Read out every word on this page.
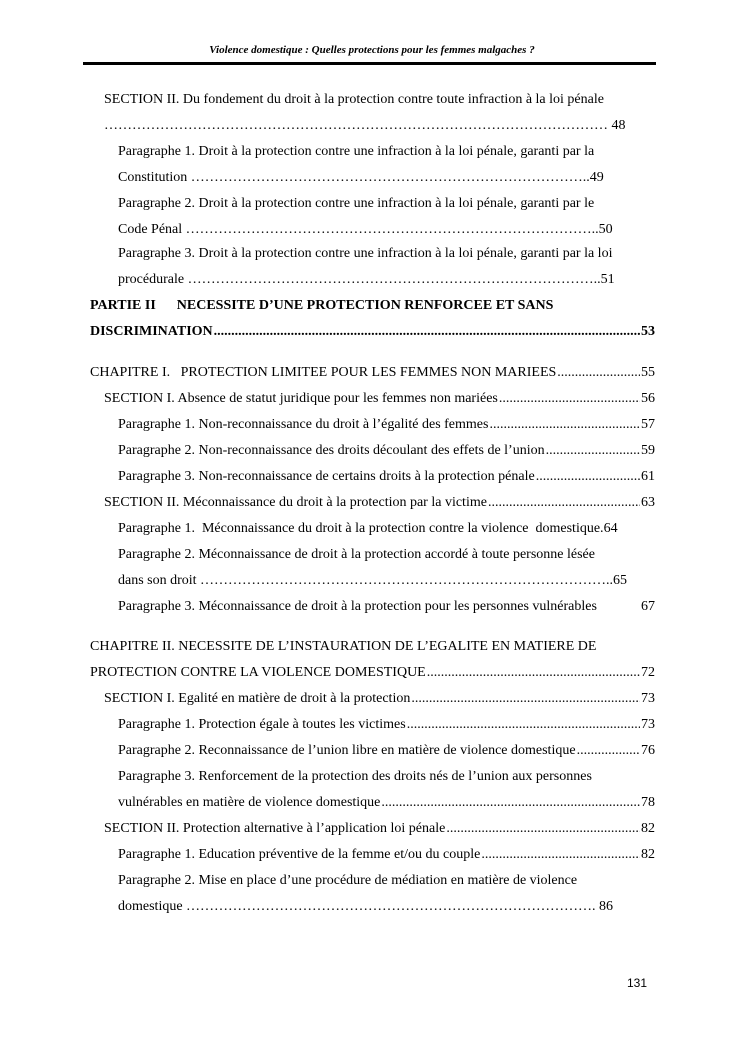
Violence domestique : Quelles protections pour les femmes malgaches ?
SECTION II. Du fondement du droit à la protection contre toute infraction à la loi pénale
……………………………………………………………………………………………… 48
Paragraphe 1. Droit à la protection contre une infraction à la loi pénale, garanti par la
Constitution …………………………………………………………………………..49
Paragraphe 2. Droit à la protection contre une infraction à la loi pénale, garanti par le
Code Pénal ……………………………………………………………………………..50
Paragraphe 3. Droit à la protection contre une infraction à la loi pénale, garanti par la loi
procédurale ……………………………………………………………………………..51
PARTIE II      NECESSITE D’UNE PROTECTION RENFORCEE ET SANS
DISCRIMINATION .....	53
CHAPITRE I.   PROTECTION LIMITEE POUR LES FEMMES NON MARIEES .....	55
SECTION I. Absence de statut juridique pour les femmes non mariées .....	56
Paragraphe 1. Non-reconnaissance du droit à l’égalité des femmes .....	57
Paragraphe 2. Non-reconnaissance des droits découlant des effets de l’union .....	59
Paragraphe 3. Non-reconnaissance de certains droits à la protection pénale .....	61
SECTION II. Méconnaissance du droit à la protection par la victime .....	63
Paragraphe 1.  Méconnaissance du droit à la protection contre la violence  domestique. 64
Paragraphe 2. Méconnaissance de droit à la protection accordé à toute personne lésée
dans son droit ……………………………………………………………………………..65
Paragraphe 3. Méconnaissance de droit à la protection pour les personnes vulnérables	67
CHAPITRE II. NECESSITE DE L’INSTAURATION DE L’EGALITE EN MATIERE DE
PROTECTION CONTRE LA VIOLENCE DOMESTIQUE .....	72
SECTION I. Egalité en matière de droit à la protection .....	73
Paragraphe 1. Protection égale à toutes les victimes .....	73
Paragraphe 2. Reconnaissance de l’union libre en matière de violence domestique .....	76
Paragraphe 3. Renforcement de la protection des droits nés de l’union aux personnes
vulnérables en matière de violence domestique .....	78
SECTION II. Protection alternative à l’application loi pénale .....	82
Paragraphe 1. Education préventive de la femme et/ou du couple .....	82
Paragraphe 2. Mise en place d’une procédure de médiation en matière de violence
domestique ……………………………………………………………………………. 86
131
